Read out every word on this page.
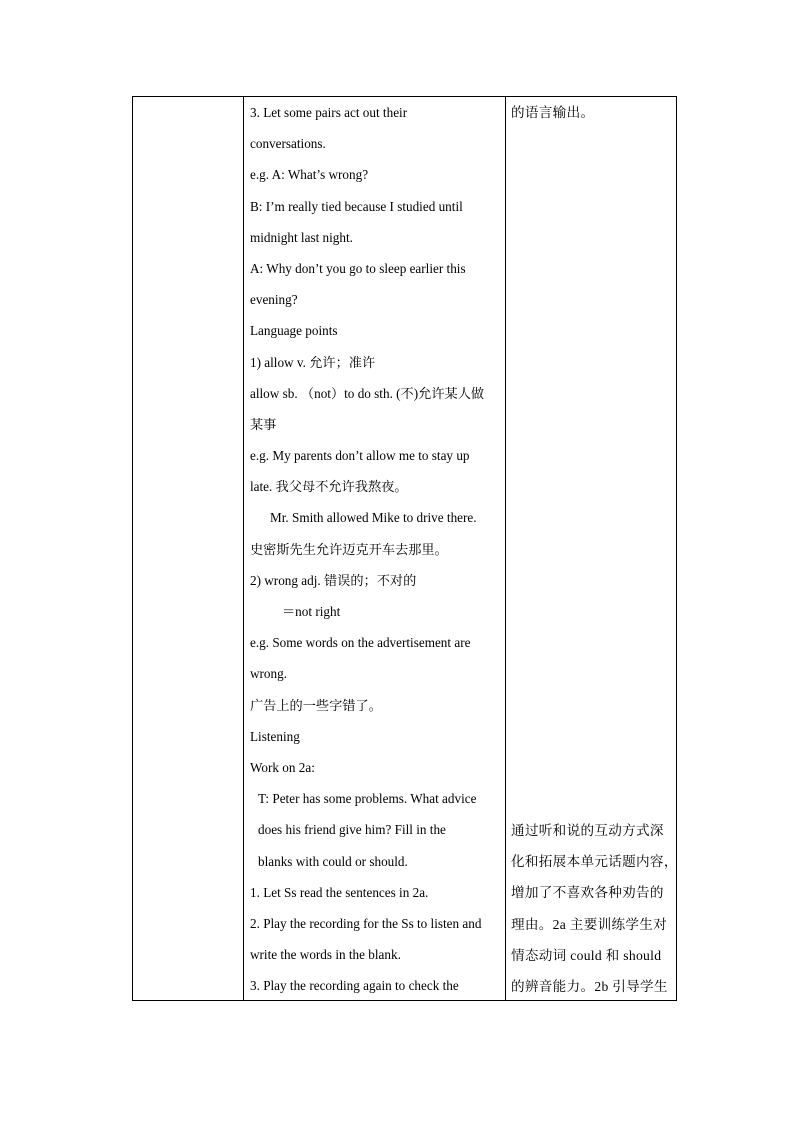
3. Let some pairs act out their
conversations.
e.g. A: What’s wrong?
B: I’m really tied because I studied until
midnight last night.
A: Why don’t you go to sleep earlier this
evening?
Language points
1) allow v. 允许；准许
allow sb. （not）to do sth. (不)允许某人做
某事
e.g. My parents don’t allow me to stay up
late. 我父母不允许我熬夜。
Mr. Smith allowed Mike to drive there.
史密斯先生允许迈克开车去那里。
2) wrong adj. 错误的；不对的
＝not right
e.g. Some words on the advertisement are
wrong.
广告上的一些字错了。
Listening
Work on 2a:
T: Peter has some problems. What advice
does his friend give him? Fill in the
blanks with could or should.
1. Let Ss read the sentences in 2a.
2. Play the recording for the Ss to listen and
write the words in the blank.
3. Play the recording again to check the
的语言输出。
通过听和说的互动方式深
化和拓展本单元话题内容，
增加了不喜欢各种劝告的
理由。2a 主要训练学生对
情态动词 could 和 should
的辨音能力。2b 引导学生
